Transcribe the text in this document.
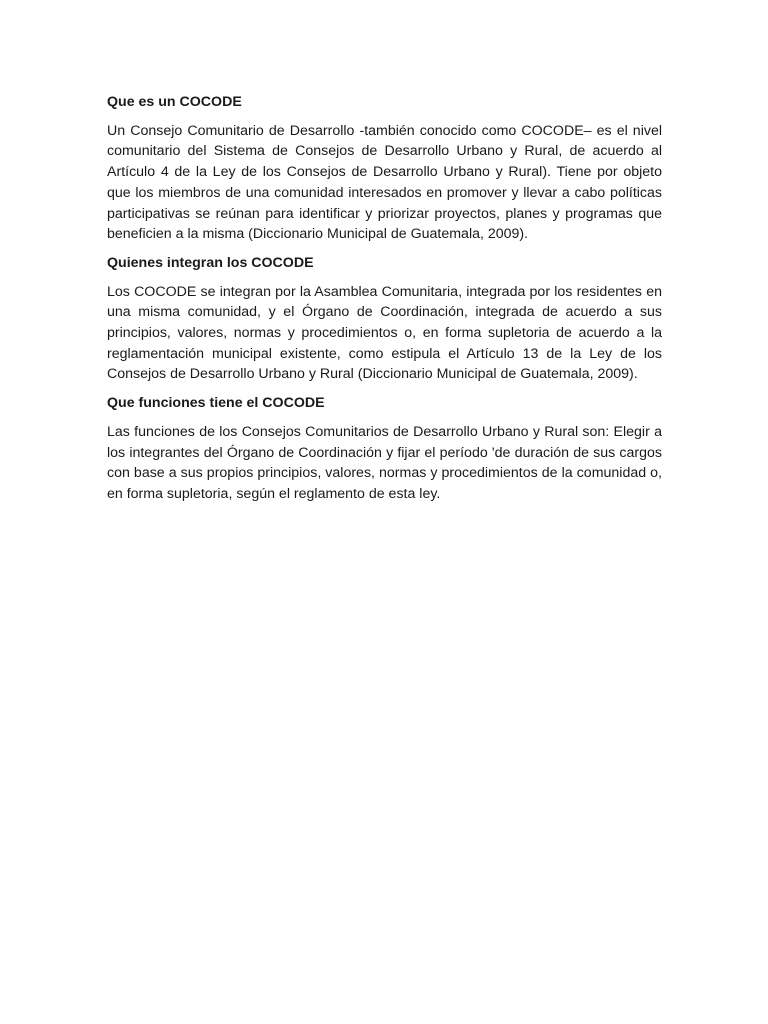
Que es un COCODE

Un Consejo Comunitario de Desarrollo -también conocido como COCODE– es el nivel comunitario del Sistema de Consejos de Desarrollo Urbano y Rural, de acuerdo al Artículo 4 de la Ley de los Consejos de Desarrollo Urbano y Rural). Tiene por objeto que los miembros de una comunidad interesados en promover y llevar a cabo políticas participativas se reúnan para identificar y priorizar proyectos, planes y programas que beneficien a la misma (Diccionario Municipal de Guatemala, 2009).

Quienes integran los COCODE

Los COCODE se integran por la Asamblea Comunitaria, integrada por los residentes en una misma comunidad, y el Órgano de Coordinación, integrada de acuerdo a sus principios, valores, normas y procedimientos o, en forma supletoria de acuerdo a la reglamentación municipal existente, como estipula el Artículo 13 de la Ley de los Consejos de Desarrollo Urbano y Rural (Diccionario Municipal de Guatemala, 2009).

Que funciones tiene el COCODE

Las funciones de los Consejos Comunitarios de Desarrollo Urbano y Rural son: Elegir a los integrantes del Órgano de Coordinación y fijar el período 'de duración de sus cargos con base a sus propios principios, valores, normas y procedimientos de la comunidad o, en forma supletoria, según el reglamento de esta ley.
